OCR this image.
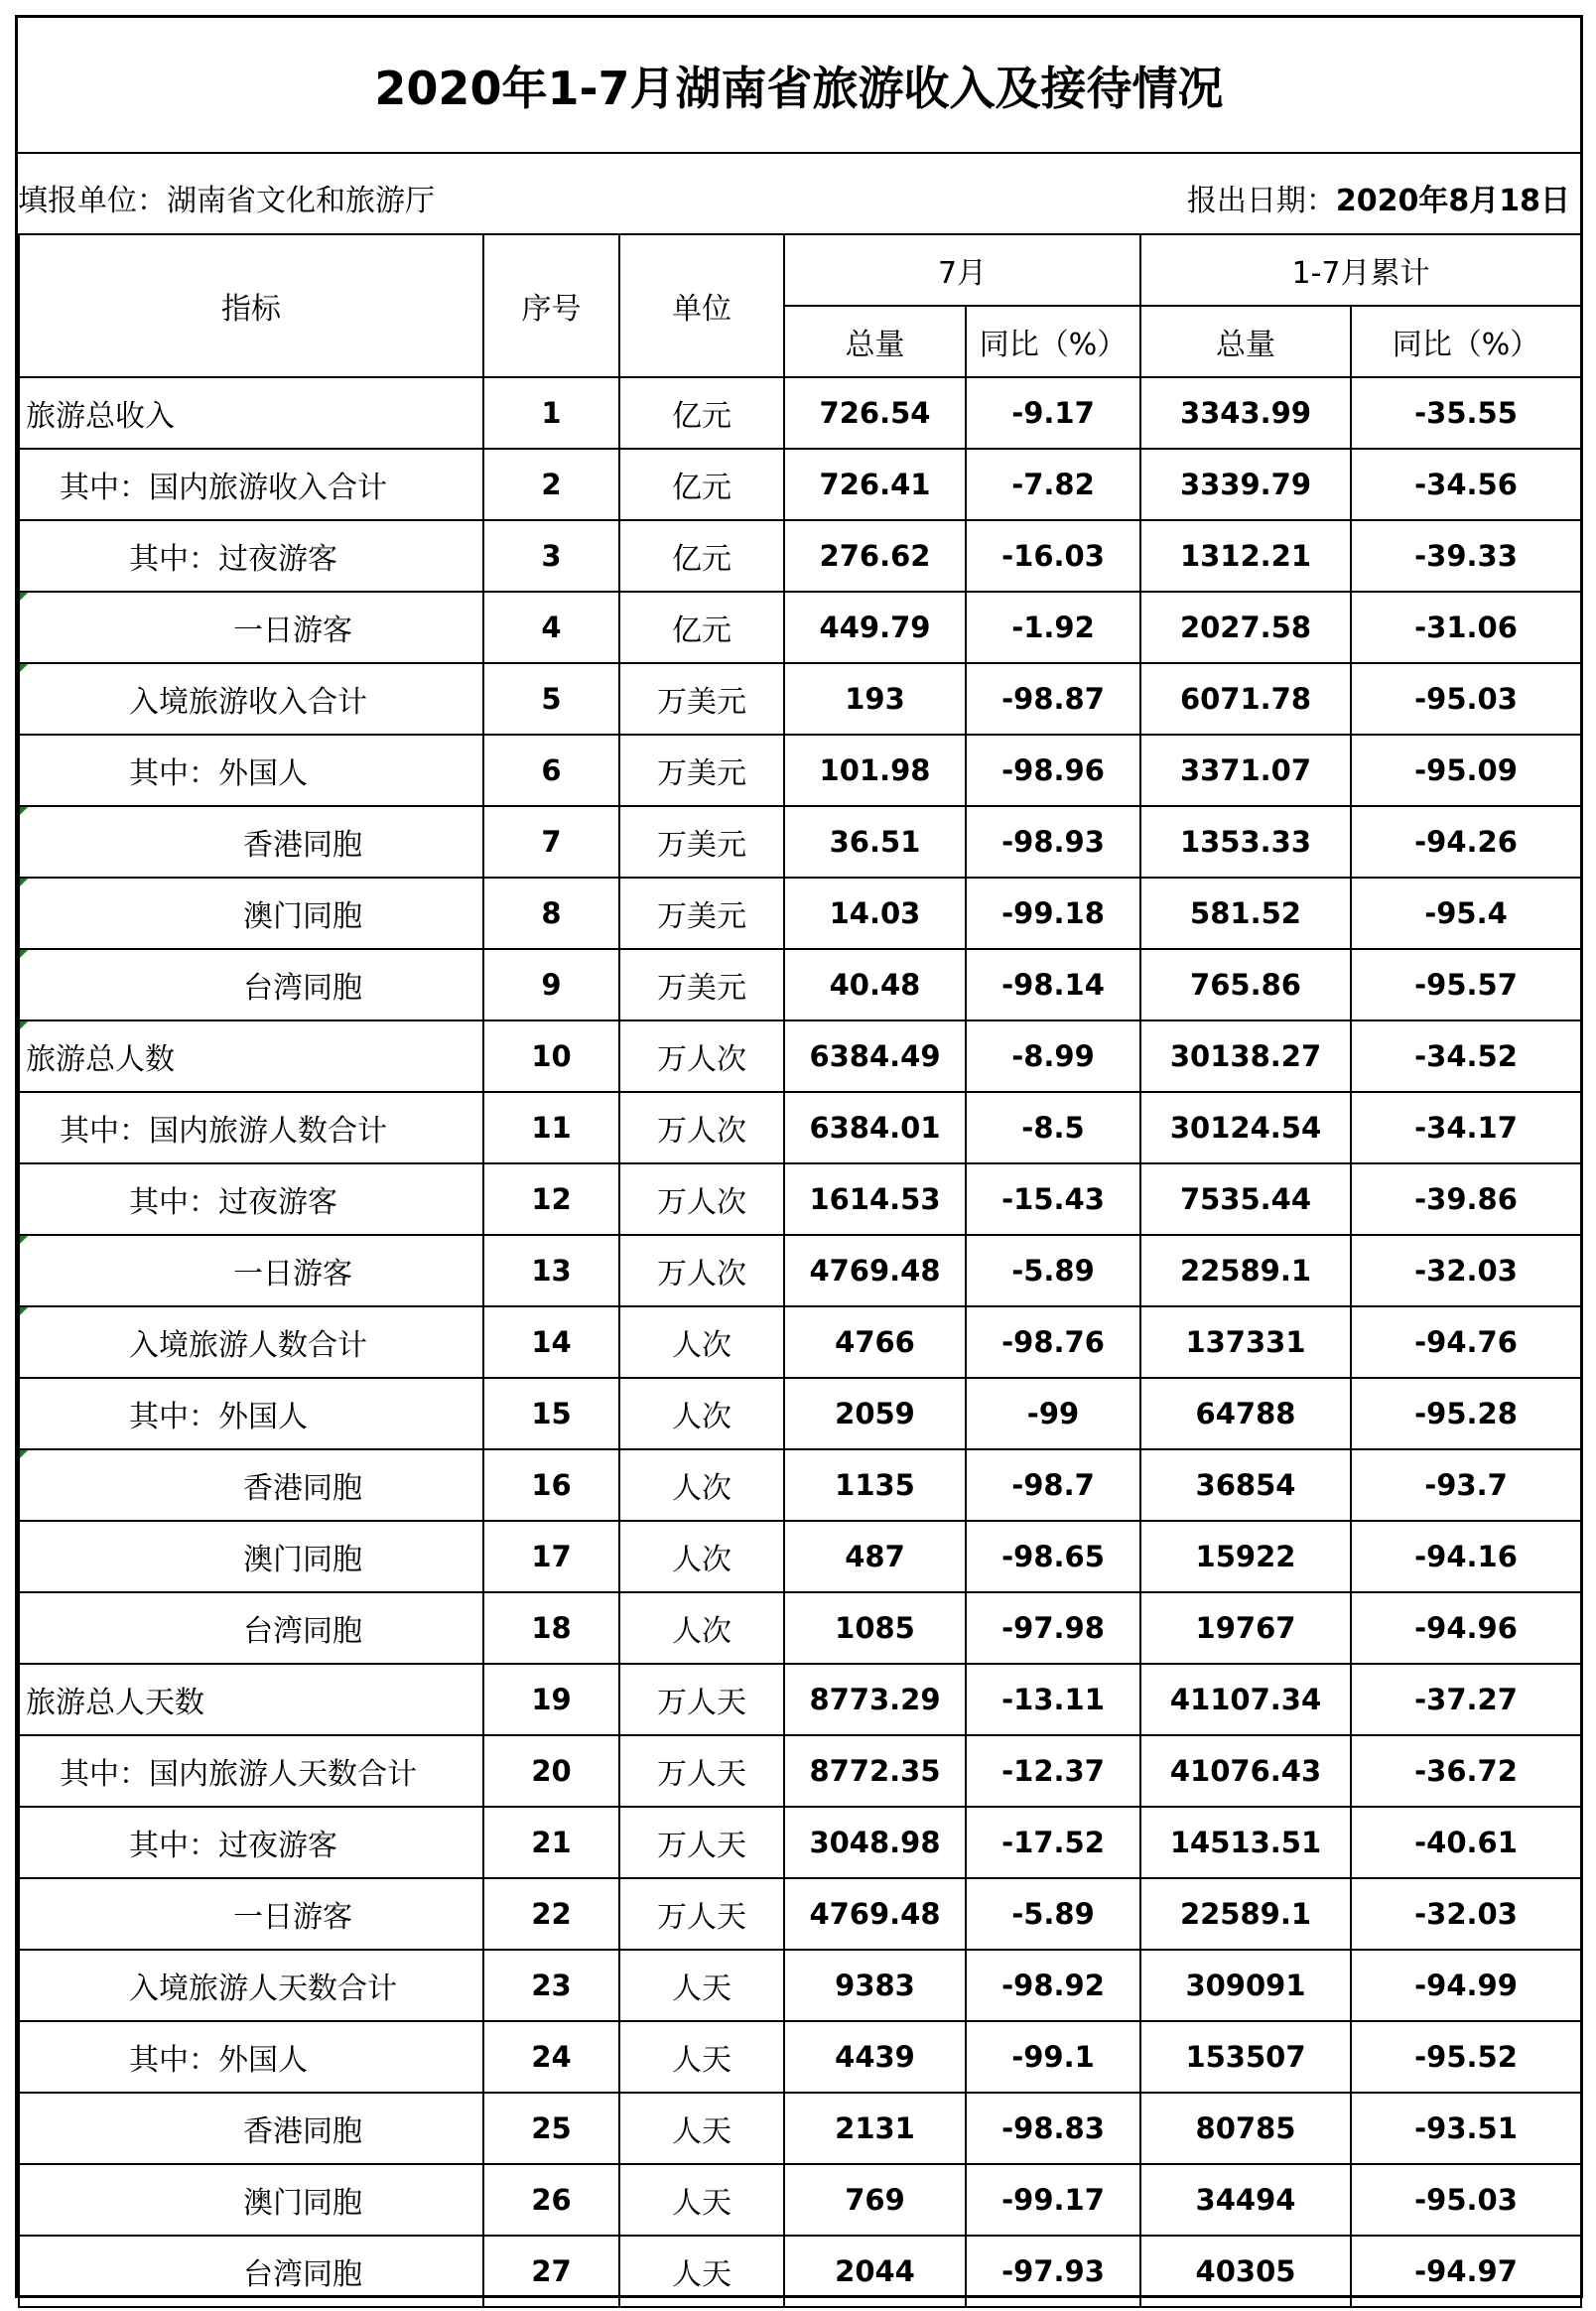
2020年1-7月湖南省旅游收入及接待情况
填报单位：湖南省文化和旅游厅	报出日期：2020年8月18日
指标	序号	单位	7月		1-7月累计	
			总量	同比（%）	总量	同比（%）
旅游总收入	1	亿元	726.54	-9.17	3343.99	-35.55
其中：国内旅游收入合计	2	亿元	726.41	-7.82	3339.79	-34.56
其中：过夜游客	3	亿元	276.62	-16.03	1312.21	-39.33

一日游客	4	亿元	449.79	-1.92	2027.58	-31.06

入境旅游收入合计	5	万美元	193	-98.87	6071.78	-95.03
其中：外国人	6	万美元	101.98	-98.96	3371.07	-95.09

香港同胞	7	万美元	36.51	-98.93	1353.33	-94.26

澳门同胞	8	万美元	14.03	-99.18	581.52	-95.4

台湾同胞	9	万美元	40.48	-98.14	765.86	-95.57

旅游总人数	10	万人次	6384.49	-8.99	30138.27	-34.52
其中：国内旅游人数合计	11	万人次	6384.01	-8.5	30124.54	-34.17
其中：过夜游客	12	万人次	1614.53	-15.43	7535.44	-39.86

一日游客	13	万人次	4769.48	-5.89	22589.1	-32.03

入境旅游人数合计	14	人次	4766	-98.76	137331	-94.76
其中：外国人	15	人次	2059	-99	64788	-95.28

香港同胞	16	人次	1135	-98.7	36854	-93.7
澳门同胞	17	人次	487	-98.65	15922	-94.16
台湾同胞	18	人次	1085	-97.98	19767	-94.96
旅游总人天数	19	万人天	8773.29	-13.11	41107.34	-37.27
其中：国内旅游人天数合计	20	万人天	8772.35	-12.37	41076.43	-36.72
其中：过夜游客	21	万人天	3048.98	-17.52	14513.51	-40.61
一日游客	22	万人天	4769.48	-5.89	22589.1	-32.03
入境旅游人天数合计	23	人天	9383	-98.92	309091	-94.99
其中：外国人	24	人天	4439	-99.1	153507	-95.52
香港同胞	25	人天	2131	-98.83	80785	-93.51
澳门同胞	26	人天	769	-99.17	34494	-95.03
台湾同胞	27	人天	2044	-97.93	40305	-94.97
